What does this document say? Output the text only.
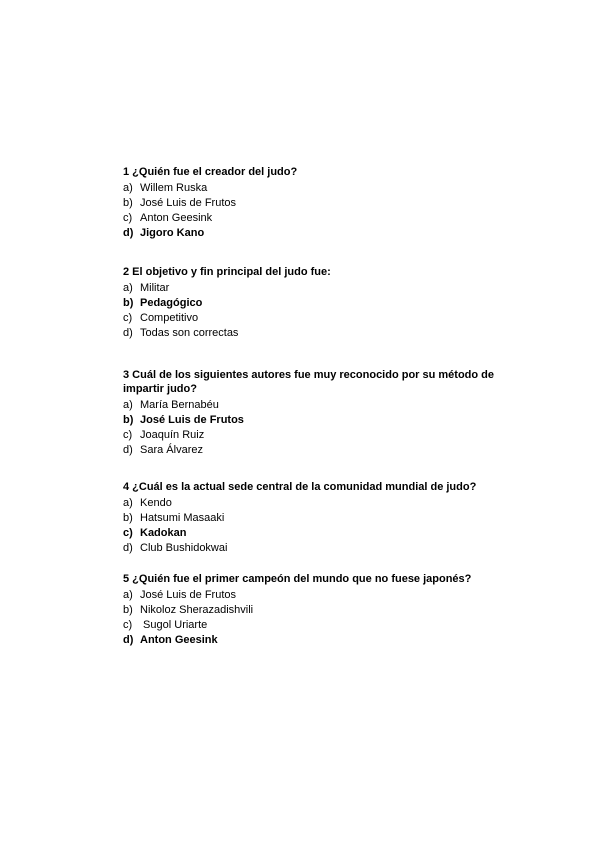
1 ¿Quién fue el creador del judo?
a) Willem Ruska
b) José Luis de Frutos
c) Anton Geesink
d) Jigoro Kano
2 El objetivo y fin principal del judo fue:
a) Militar
b) Pedagógico
c) Competitivo
d) Todas son correctas
3 Cuál de los siguientes autores fue muy reconocido por su método de impartir judo?
a) María Bernabéu
b) José Luis de Frutos
c) Joaquín Ruiz
d) Sara Álvarez
4 ¿Cuál es la actual sede central de la comunidad mundial de judo?
a) Kendo
b) Hatsumi Masaaki
c) Kadokan
d) Club Bushidokwai
5 ¿Quién fue el primer campeón del mundo que no fuese japonés?
a) José Luis de Frutos
b) Nikoloz Sherazadishvili
c) Sugol Uriarte
d) Anton Geesink
